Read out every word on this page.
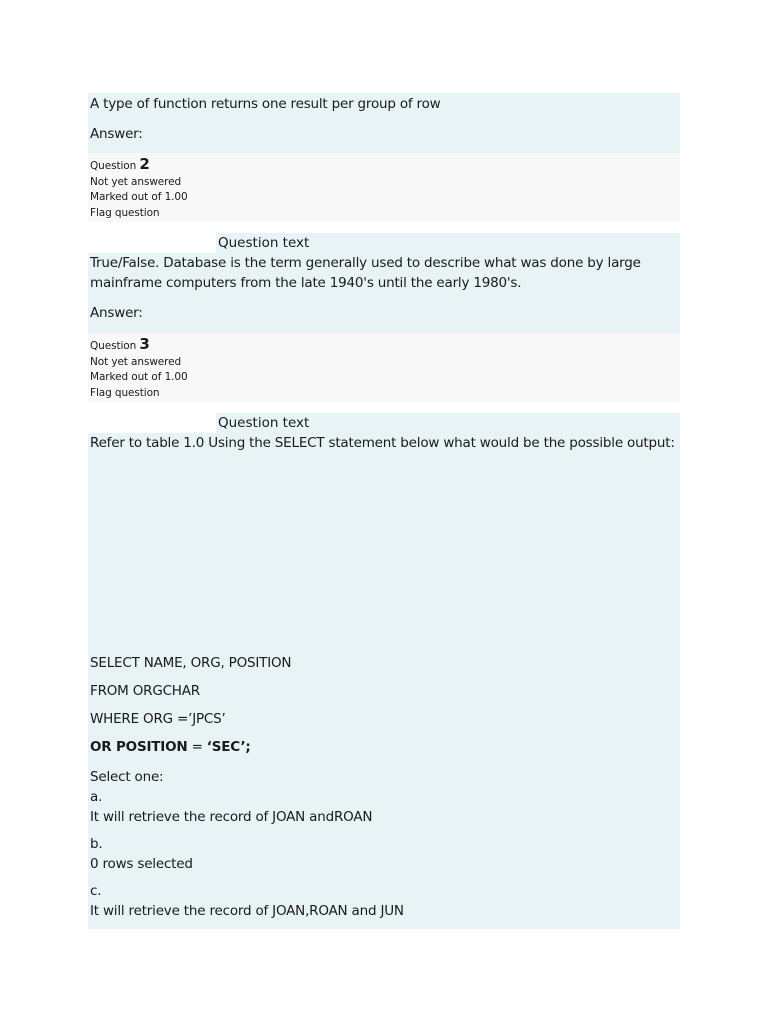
A type of function returns one result per group of row
Answer:
Question 2
Not yet answered
Marked out of 1.00
Flag question
Question text
True/False. Database is the term generally used to describe what was done by large
mainframe computers from the late 1940's until the early 1980's.
Answer:
Question 3
Not yet answered
Marked out of 1.00
Flag question
Question text
Refer to table 1.0 Using the SELECT statement below what would be the possible output:
SELECT NAME, ORG, POSITION
FROM ORGCHAR
WHERE ORG =’JPCS’
OR POSITION = ‘SEC’;
Select one:
a.
It will retrieve the record of JOAN andROAN
b.
0 rows selected
c.
It will retrieve the record of JOAN,ROAN and JUN
